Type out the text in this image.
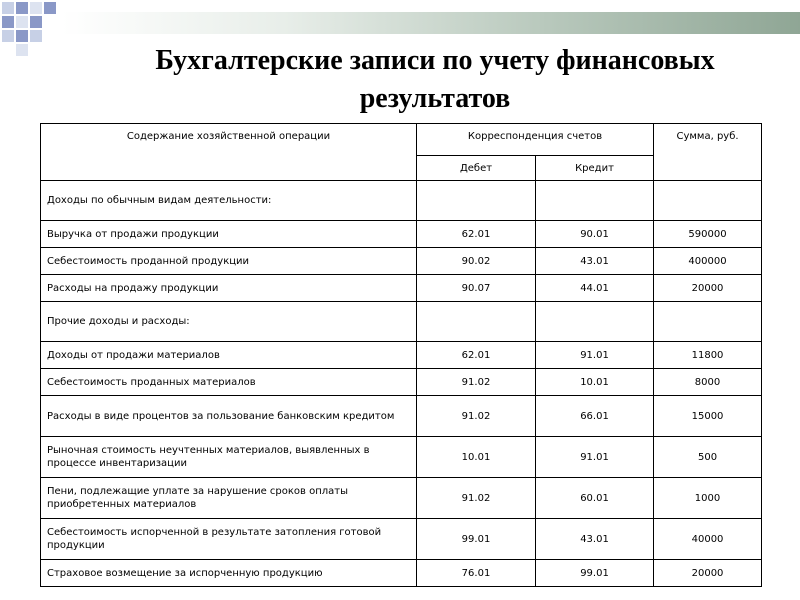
Бухгалтерские записи по учету финансовых
результатов
Содержание хозяйственной операции	Корреспонденция счетов		Сумма, руб.
	Дебет	Кредит	
Доходы по обычным видам деятельности:			
Выручка от продажи продукции	62.01	90.01	590000
Себестоимость проданной продукции	90.02	43.01	400000
Расходы на продажу продукции	90.07	44.01	20000
Прочие доходы и расходы:			
Доходы от продажи материалов	62.01	91.01	11800
Себестоимость проданных материалов	91.02	10.01	8000
Расходы в виде процентов за пользование банковским кредитом	91.02	66.01	15000
Рыночная стоимость неучтенных материалов, выявленных в процессе инвентаризации	10.01	91.01	500
Пени, подлежащие уплате за нарушение сроков оплаты приобретенных материалов	91.02	60.01	1000
Себестоимость испорченной в результате затопления готовой продукции	99.01	43.01	40000
Страховое возмещение за испорченную продукцию	76.01	99.01	20000
